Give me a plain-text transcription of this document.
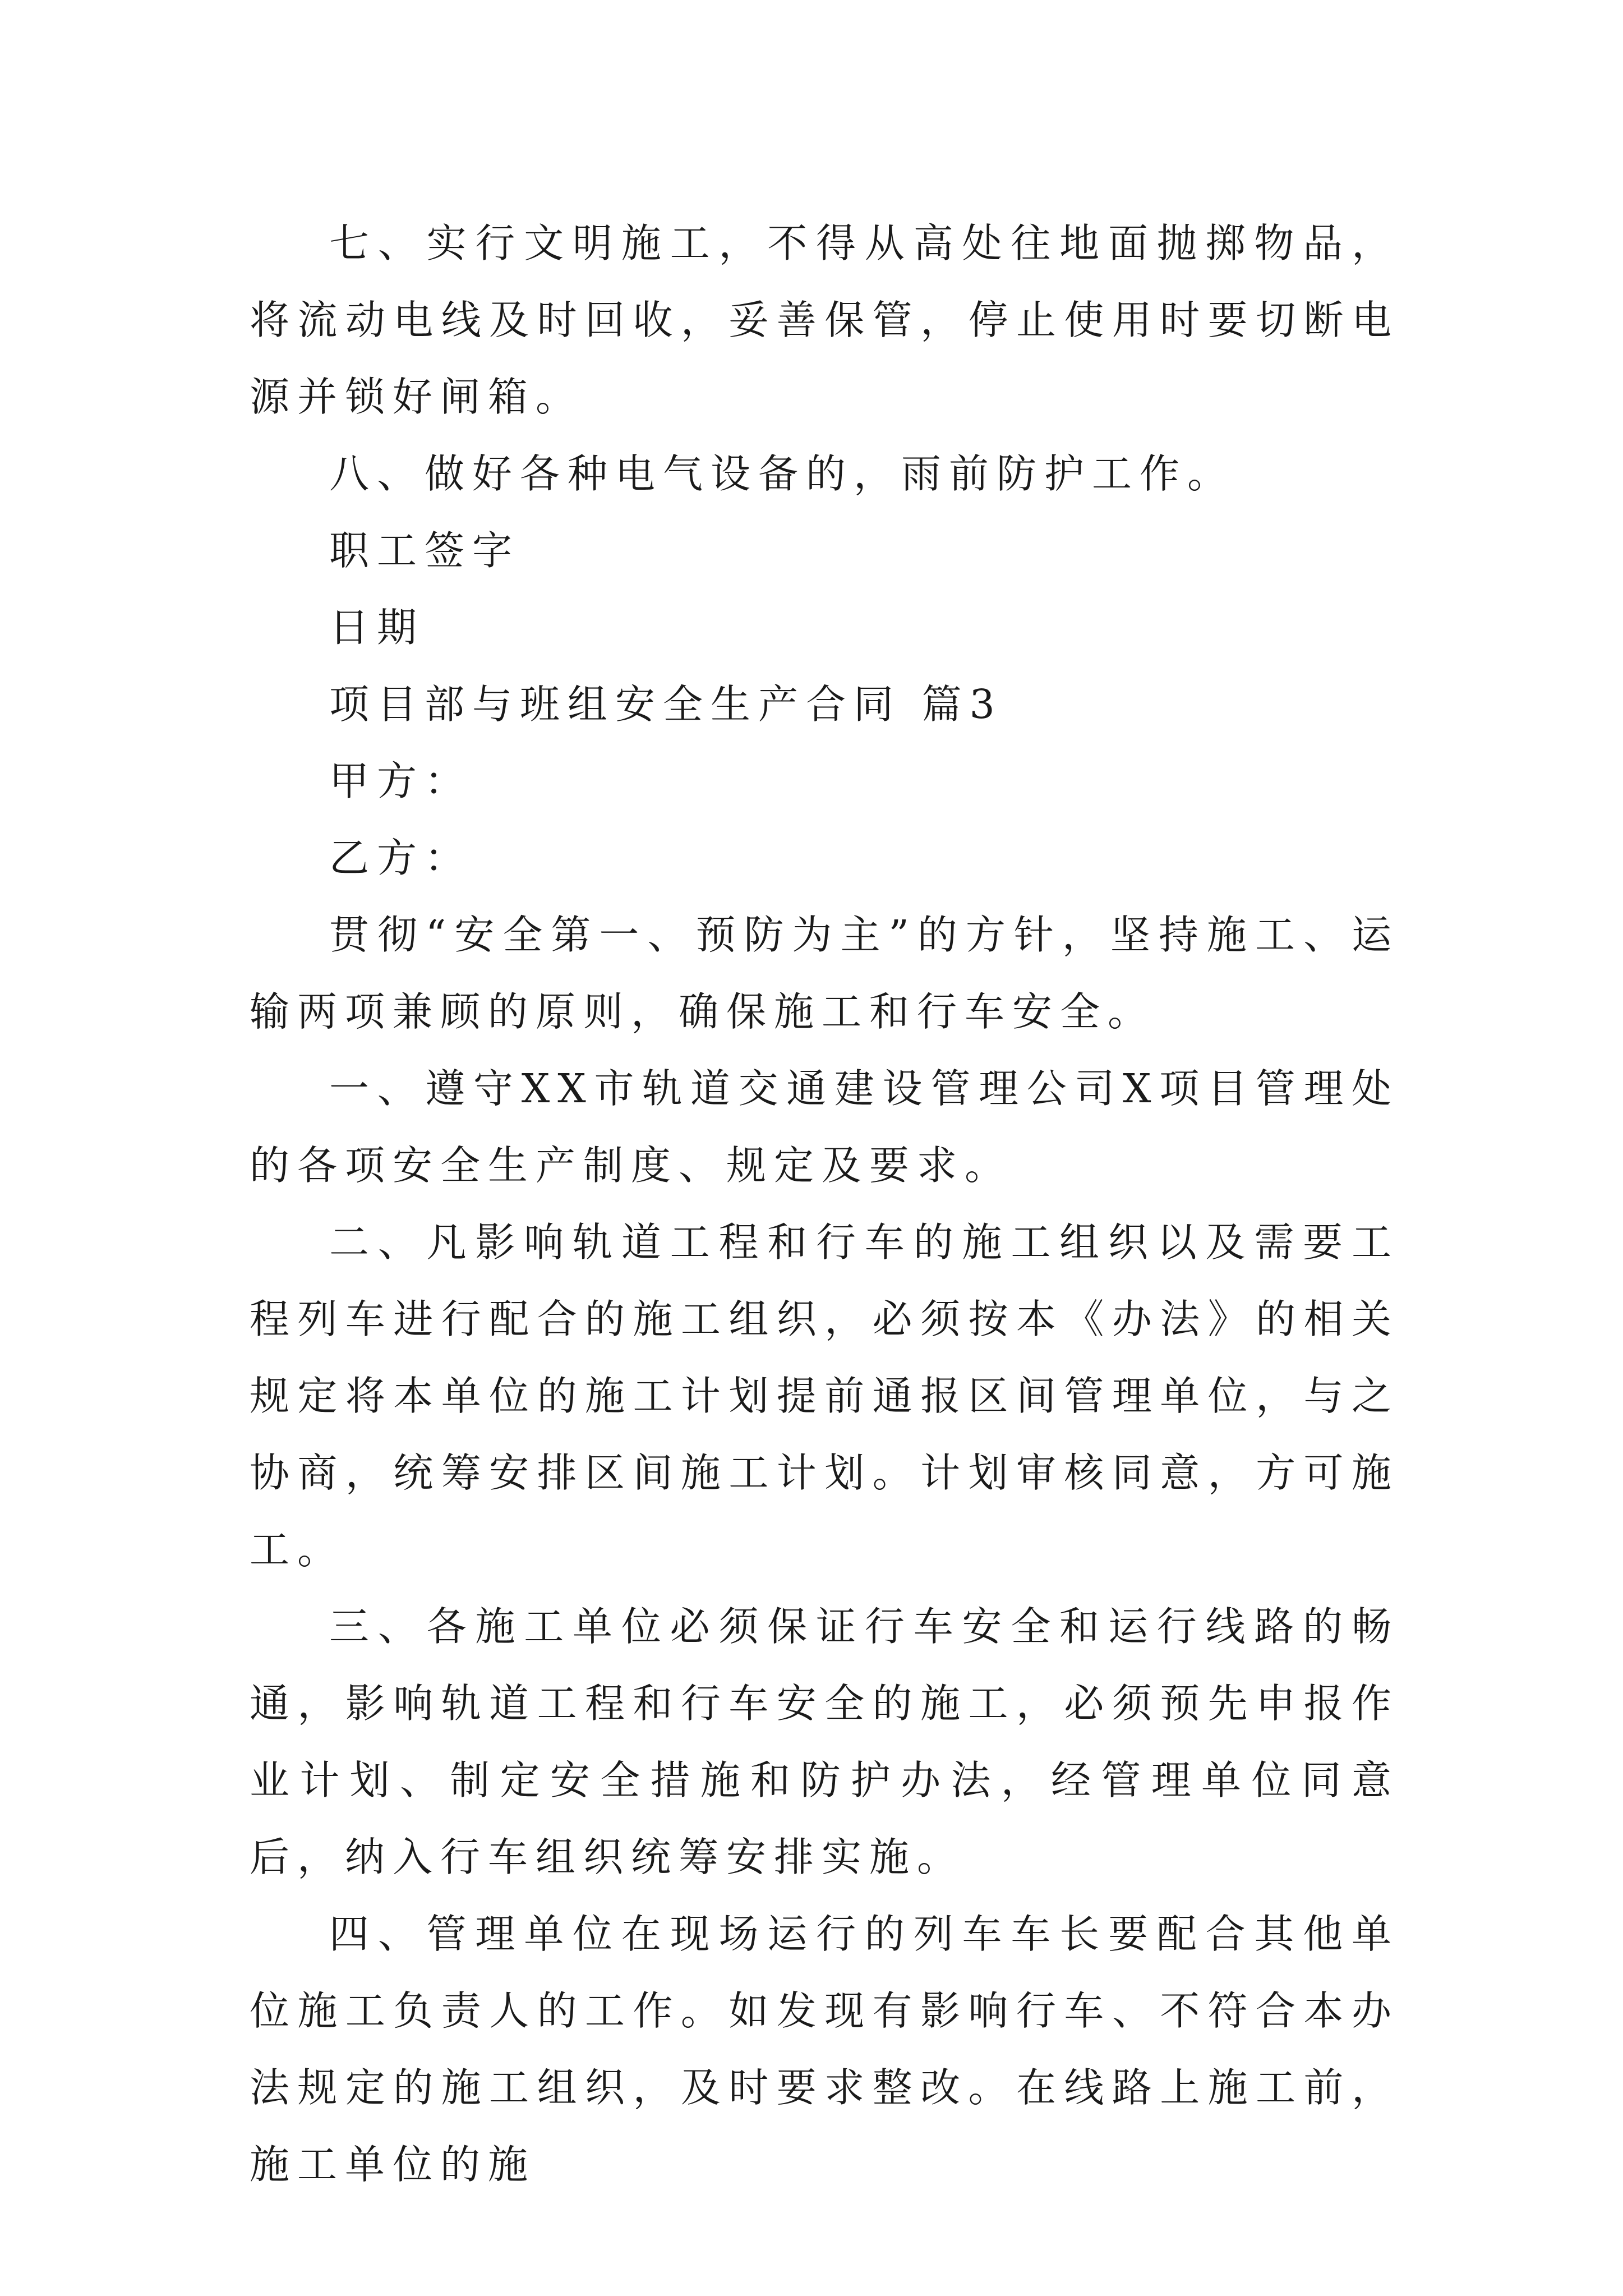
七、实行文明施工，不得从高处往地面抛掷物品，将流动电线及时回收，妥善保管，停止使用时要切断电源并锁好闸箱。

八、做好各种电气设备的，雨前防护工作。

职工签字

日期

项目部与班组安全生产合同 篇3

甲方：

乙方：

贯彻“安全第一、预防为主”的方针，坚持施工、运输两项兼顾的原则，确保施工和行车安全。

一、遵守XX市轨道交通建设管理公司X项目管理处的各项安全生产制度、规定及要求。

二、凡影响轨道工程和行车的施工组织以及需要工程列车进行配合的施工组织，必须按本《办法》的相关规定将本单位的施工计划提前通报区间管理单位，与之协商，统筹安排区间施工计划。计划审核同意，方可施工。

三、各施工单位必须保证行车安全和运行线路的畅通，影响轨道工程和行车安全的施工，必须预先申报作业计划、制定安全措施和防护办法，经管理单位同意后，纳入行车组织统筹安排实施。

四、管理单位在现场运行的列车车长要配合其他单位施工负责人的工作。如发现有影响行车、不符合本办法规定的施工组织，及时要求整改。在线路上施工前，施工单位的施
